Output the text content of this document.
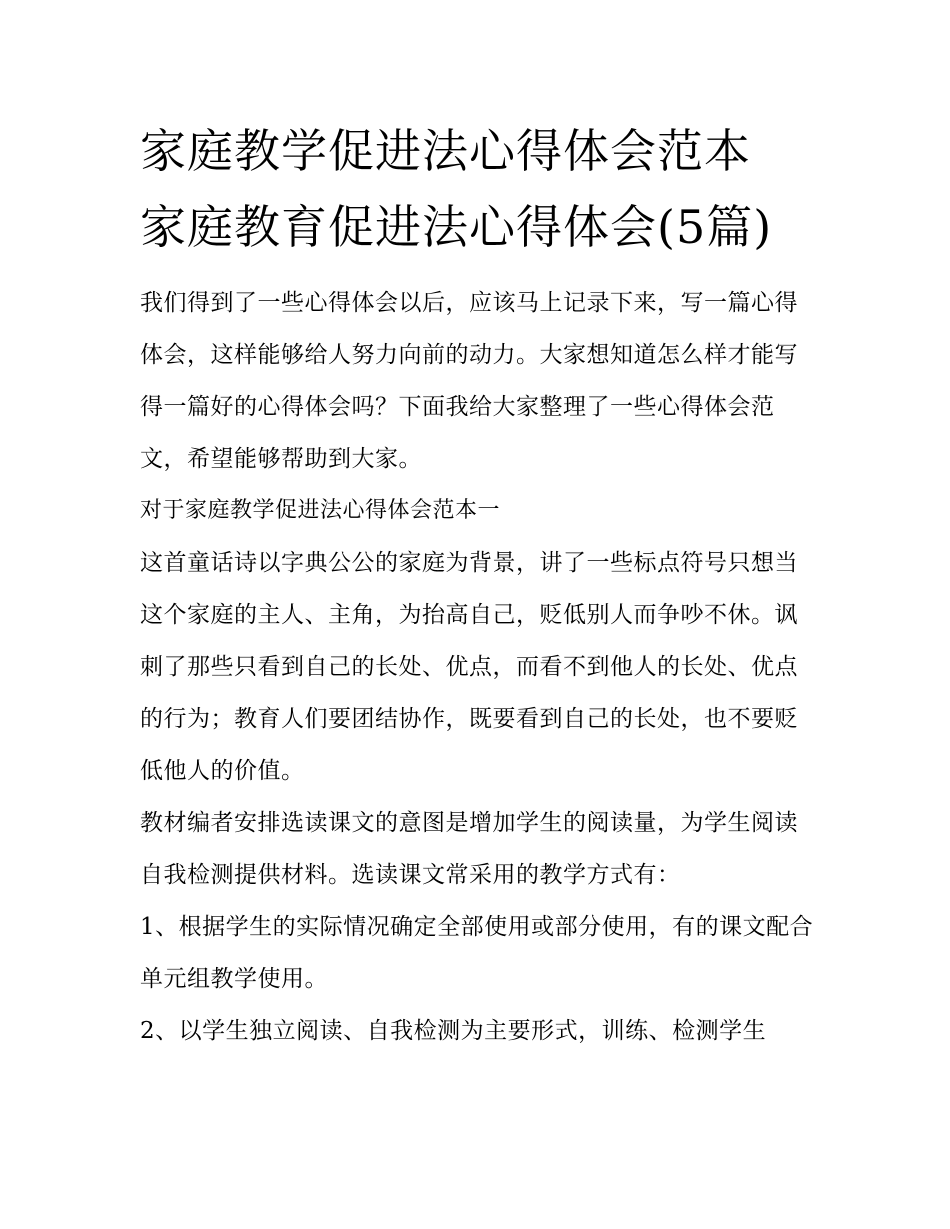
家庭教学促进法心得体会范本家庭教育促进法心得体会(5篇)

我们得到了一些心得体会以后，应该马上记录下来，写一篇心得体会，这样能够给人努力向前的动力。大家想知道怎么样才能写得一篇好的心得体会吗？下面我给大家整理了一些心得体会范文，希望能够帮助到大家。

对于家庭教学促进法心得体会范本一

这首童话诗以字典公公的家庭为背景，讲了一些标点符号只想当这个家庭的主人、主角，为抬高自己，贬低别人而争吵不休。讽刺了那些只看到自己的长处、优点，而看不到他人的长处、优点的行为；教育人们要团结协作，既要看到自己的长处，也不要贬低他人的价值。

教材编者安排选读课文的意图是增加学生的阅读量，为学生阅读自我检测提供材料。选读课文常采用的教学方式有：

1、根据学生的实际情况确定全部使用或部分使用，有的课文配合单元组教学使用。

2、以学生独立阅读、自我检测为主要形式，训练、检测学生
